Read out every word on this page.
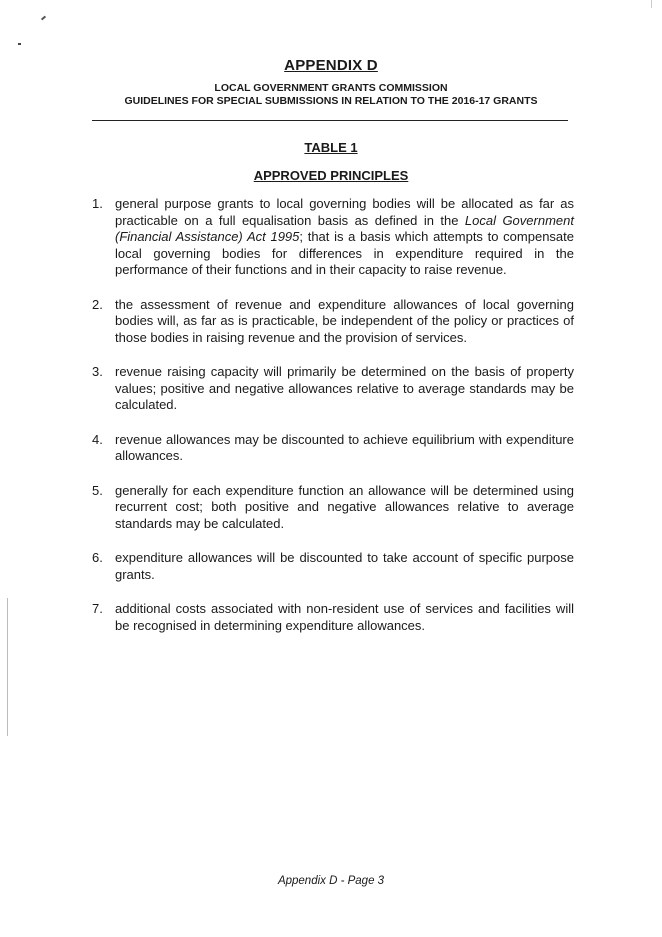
APPENDIX D
LOCAL GOVERNMENT GRANTS COMMISSION
GUIDELINES FOR SPECIAL SUBMISSIONS IN RELATION TO THE 2016-17 GRANTS
TABLE 1
APPROVED PRINCIPLES
1. general purpose grants to local governing bodies will be allocated as far as practicable on a full equalisation basis as defined in the Local Government (Financial Assistance) Act 1995; that is a basis which attempts to compensate local governing bodies for differences in expenditure required in the performance of their functions and in their capacity to raise revenue.
2. the assessment of revenue and expenditure allowances of local governing bodies will, as far as is practicable, be independent of the policy or practices of those bodies in raising revenue and the provision of services.
3. revenue raising capacity will primarily be determined on the basis of property values; positive and negative allowances relative to average standards may be calculated.
4. revenue allowances may be discounted to achieve equilibrium with expenditure allowances.
5. generally for each expenditure function an allowance will be determined using recurrent cost; both positive and negative allowances relative to average standards may be calculated.
6. expenditure allowances will be discounted to take account of specific purpose grants.
7. additional costs associated with non-resident use of services and facilities will be recognised in determining expenditure allowances.
Appendix D - Page 3
